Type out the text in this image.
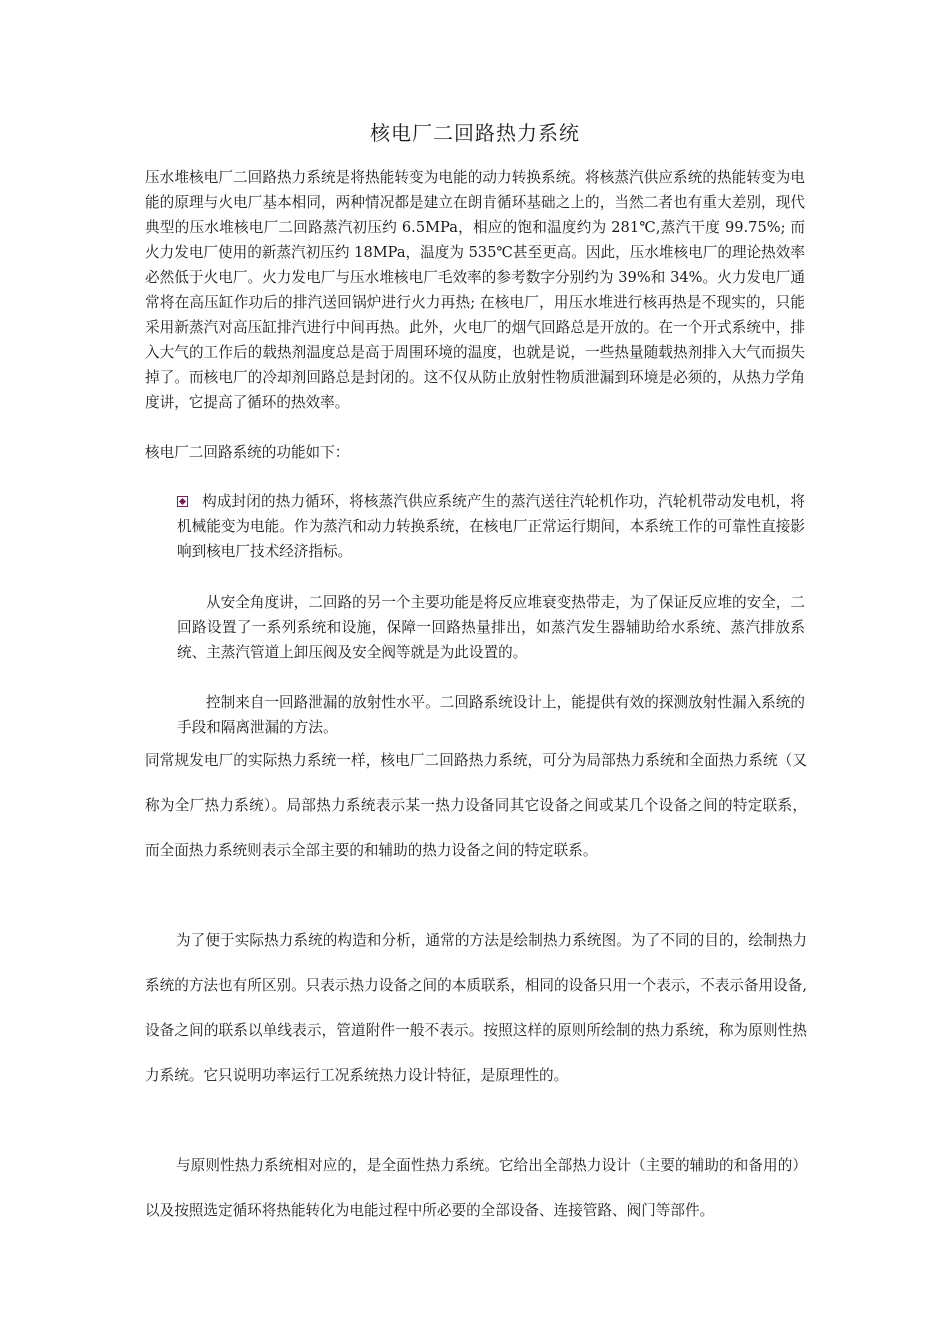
核电厂二回路热力系统

压水堆核电厂二回路热力系统是将热能转变为电能的动力转换系统。将核蒸汽供应系统的热能转变为电能的原理与火电厂基本相同，两种情况都是建立在朗肯循环基础之上的，当然二者也有重大差别，现代典型的压水堆核电厂二回路蒸汽初压约 6.5MPa，相应的饱和温度约为 281℃,蒸汽干度 99.75%; 而火力发电厂使用的新蒸汽初压约 18MPa，温度为 535℃甚至更高。因此，压水堆核电厂的理论热效率必然低于火电厂。火力发电厂与压水堆核电厂毛效率的参考数字分别约为 39%和 34%。火力发电厂通常将在高压缸作功后的排汽送回锅炉进行火力再热; 在核电厂，用压水堆进行核再热是不现实的，只能采用新蒸汽对高压缸排汽进行中间再热。此外，火电厂的烟气回路总是开放的。在一个开式系统中，排入大气的工作后的载热剂温度总是高于周围环境的温度，也就是说，一些热量随载热剂排入大气而损失掉了。而核电厂的冷却剂回路总是封闭的。这不仅从防止放射性物质泄漏到环境是必须的，从热力学角度讲，它提高了循环的热效率。

核电厂二回路系统的功能如下：

构成封闭的热力循环，将核蒸汽供应系统产生的蒸汽送往汽轮机作功，汽轮机带动发电机，将机械能变为电能。作为蒸汽和动力转换系统，在核电厂正常运行期间，本系统工作的可靠性直接影响到核电厂技术经济指标。

从安全角度讲，二回路的另一个主要功能是将反应堆衰变热带走，为了保证反应堆的安全，二回路设置了一系列系统和设施，保障一回路热量排出，如蒸汽发生器辅助给水系统、蒸汽排放系统、主蒸汽管道上卸压阀及安全阀等就是为此设置的。

控制来自一回路泄漏的放射性水平。二回路系统设计上，能提供有效的探测放射性漏入系统的手段和隔离泄漏的方法。

同常规发电厂的实际热力系统一样，核电厂二回路热力系统，可分为局部热力系统和全面热力系统（又称为全厂热力系统）。局部热力系统表示某一热力设备同其它设备之间或某几个设备之间的特定联系，而全面热力系统则表示全部主要的和辅助的热力设备之间的特定联系。

为了便于实际热力系统的构造和分析，通常的方法是绘制热力系统图。为了不同的目的，绘制热力系统的方法也有所区别。只表示热力设备之间的本质联系，相同的设备只用一个表示，不表示备用设备,设备之间的联系以单线表示，管道附件一般不表示。按照这样的原则所绘制的热力系统，称为原则性热力系统。它只说明功率运行工况系统热力设计特征，是原理性的。

与原则性热力系统相对应的，是全面性热力系统。它给出全部热力设计（主要的辅助的和备用的）以及按照选定循环将热能转化为电能过程中所必要的全部设备、连接管路、阀门等部件。
